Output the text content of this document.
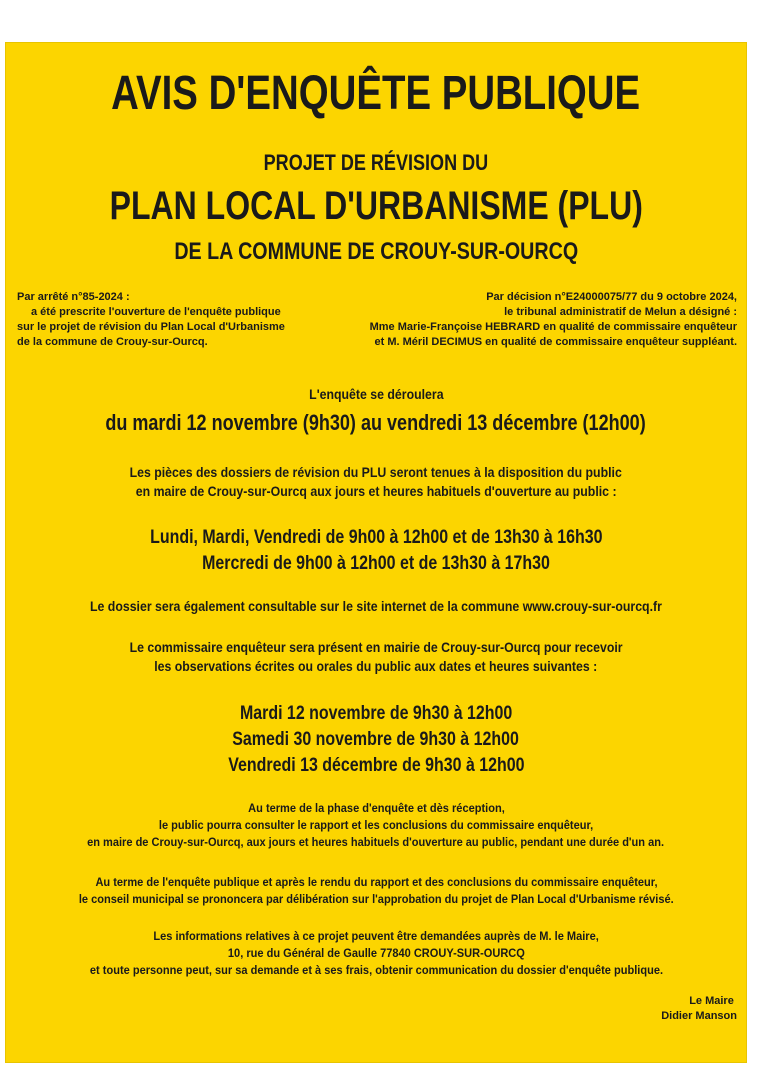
AVIS D'ENQUÊTE PUBLIQUE
PROJET DE RÉVISION DU
PLAN LOCAL D'URBANISME (PLU)
DE LA COMMUNE DE CROUY-SUR-OURCQ
Par arrêté n°85-2024 :
a été prescrite l'ouverture de l'enquête publique
sur le projet de révision du Plan Local d'Urbanisme
de la commune de Crouy-sur-Ourcq.
Par décision n°E24000075/77 du 9 octobre 2024,
le tribunal administratif de Melun a désigné :
Mme Marie-Françoise HEBRARD en qualité de commissaire enquêteur
et M. Méril DECIMUS en qualité de commissaire enquêteur suppléant.
L'enquête se déroulera
du mardi 12 novembre (9h30) au vendredi 13 décembre (12h00)
Les pièces des dossiers de révision du PLU seront tenues à la disposition du public
en maire de Crouy-sur-Ourcq aux jours et heures habituels d'ouverture au public :
Lundi, Mardi, Vendredi de 9h00 à 12h00 et de 13h30 à 16h30
Mercredi de 9h00 à 12h00 et de 13h30 à 17h30
Le dossier sera également consultable sur le site internet de la commune www.crouy-sur-ourcq.fr
Le commissaire enquêteur sera présent en mairie de Crouy-sur-Ourcq pour recevoir
les observations écrites ou orales du public aux dates et heures suivantes :
Mardi 12 novembre de 9h30 à 12h00
Samedi 30 novembre de 9h30 à 12h00
Vendredi 13 décembre de 9h30 à 12h00
Au terme de la phase d'enquête et dès réception,
le public pourra consulter le rapport et les conclusions du commissaire enquêteur,
en maire de Crouy-sur-Ourcq, aux jours et heures habituels d'ouverture au public, pendant une durée d'un an.
Au terme de l'enquête publique et après le rendu du rapport et des conclusions du commissaire enquêteur,
le conseil municipal se prononcera par délibération sur l'approbation du projet de Plan Local d'Urbanisme révisé.
Les informations relatives à ce projet peuvent être demandées auprès de M. le Maire,
10, rue du Général de Gaulle 77840 CROUY-SUR-OURCQ
et toute personne peut, sur sa demande et à ses frais, obtenir communication du dossier d'enquête publique.
Le Maire
Didier Manson
